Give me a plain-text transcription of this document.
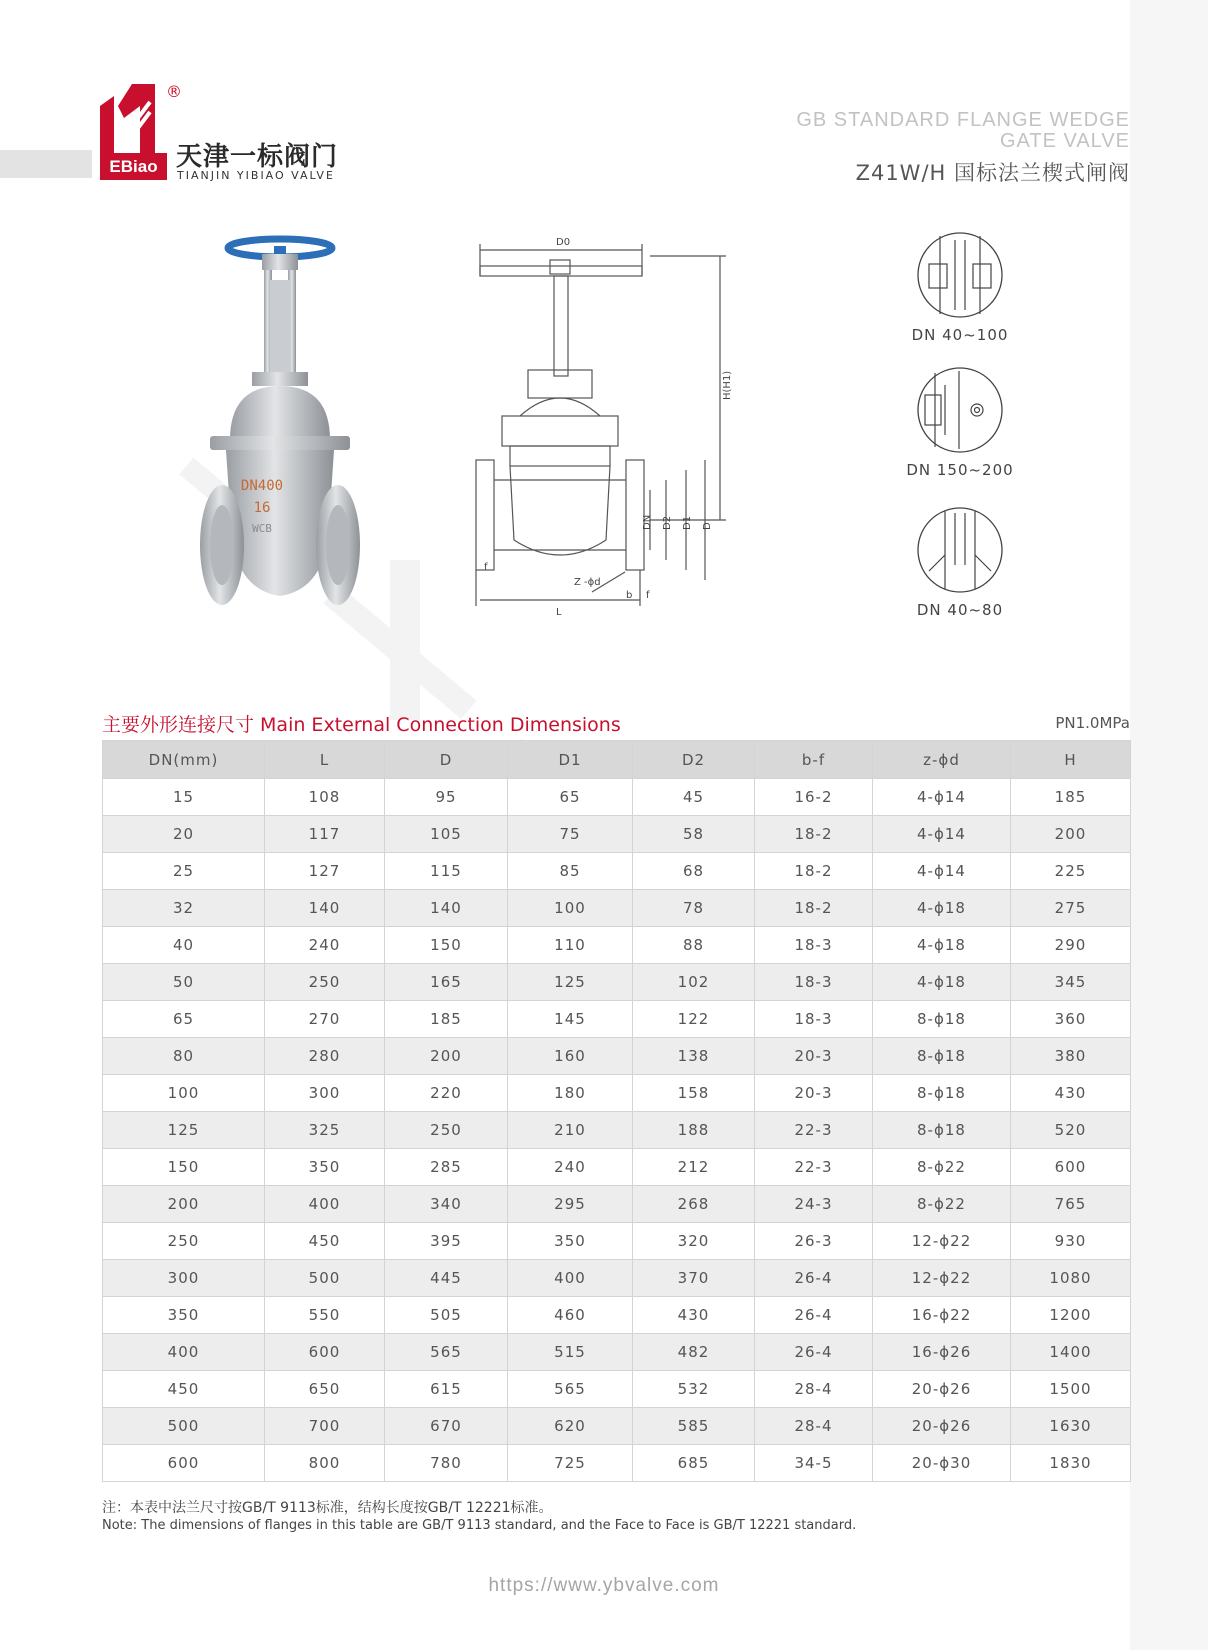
®
EBiao 天津一标阀门
TIANJIN YIBIAO VALVE
GB STANDARD FLANGE WEDGE
GATE VALVE
Z41W/H 国标法兰楔式闸阀
DN400
16
WCB
D0
H(H1)
DN D2 D1 D
Z -ϕd
b f
f
L
DN 40~100
DN 150~200
DN 40~80
主要外形连接尺寸 Main External Connection Dimensions	PN1.0MPa
DN(mm)	L	D	D1	D2	b-f	z-ϕd	H
15	108	95	65	45	16-2	4-ϕ14	185
20	117	105	75	58	18-2	4-ϕ14	200
25	127	115	85	68	18-2	4-ϕ14	225
32	140	140	100	78	18-2	4-ϕ18	275
40	240	150	110	88	18-3	4-ϕ18	290
50	250	165	125	102	18-3	4-ϕ18	345
65	270	185	145	122	18-3	8-ϕ18	360
80	280	200	160	138	20-3	8-ϕ18	380
100	300	220	180	158	20-3	8-ϕ18	430
125	325	250	210	188	22-3	8-ϕ18	520
150	350	285	240	212	22-3	8-ϕ22	600
200	400	340	295	268	24-3	8-ϕ22	765
250	450	395	350	320	26-3	12-ϕ22	930
300	500	445	400	370	26-4	12-ϕ22	1080
350	550	505	460	430	26-4	16-ϕ22	1200
400	600	565	515	482	26-4	16-ϕ26	1400
450	650	615	565	532	28-4	20-ϕ26	1500
500	700	670	620	585	28-4	20-ϕ26	1630
600	800	780	725	685	34-5	20-ϕ30	1830
注：本表中法兰尺寸按GB/T 9113标准，结构长度按GB/T 12221标准。
Note: The dimensions of flanges in this table are GB/T 9113 standard, and the Face to Face is GB/T 12221 standard.
https://www.ybvalve.com
